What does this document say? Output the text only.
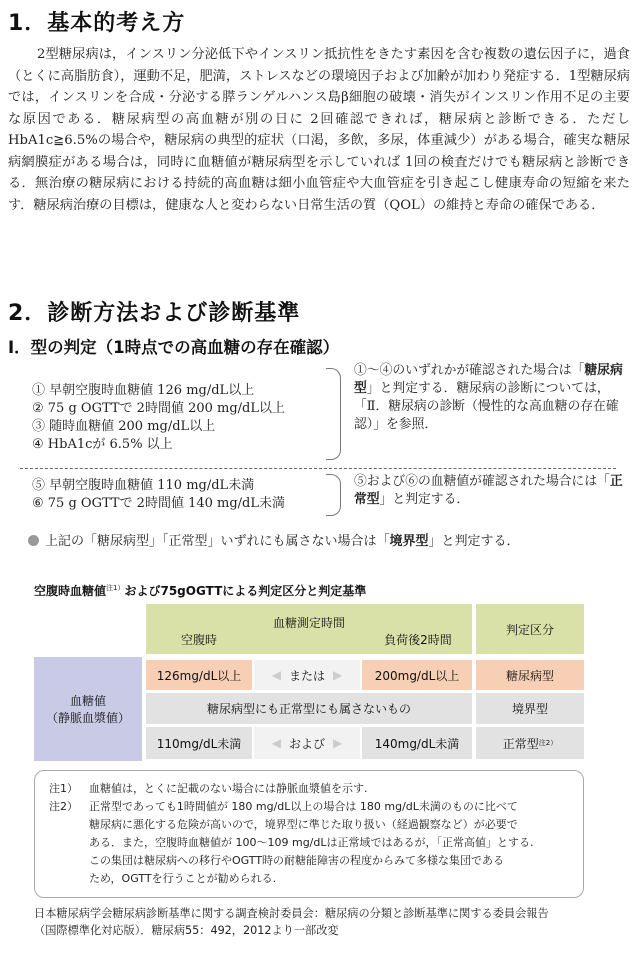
1．基本的考え方
2型糖尿病は，インスリン分泌低下やインスリン抵抗性をきたす素因を含む複数の遺伝因子に，過食（とくに高脂肪食），運動不足，肥満，ストレスなどの環境因子および加齢が加わり発症する．1型糖尿病では，インスリンを合成・分泌する膵ランゲルハンス島β細胞の破壊・消失がインスリン作用不足の主要な原因である．糖尿病型の高血糖が別の日に 2回確認できれば，糖尿病と診断できる．ただしHbA1c≧6.5%の場合や，糖尿病の典型的症状（口渇，多飲，多尿，体重減少）がある場合，確実な糖尿病網膜症がある場合は，同時に血糖値が糖尿病型を示していれば 1回の検査だけでも糖尿病と診断できる．無治療の糖尿病における持続的高血糖は細小血管症や大血管症を引き起こし健康寿命の短縮を来たす．糖尿病治療の目標は，健康な人と変わらない日常生活の質（QOL）の維持と寿命の確保である．
2．診断方法および診断基準
Ⅰ．型の判定（1時点での高血糖の存在確認）
① 早朝空腹時血糖値 126 mg/dL以上
② 75 g OGTTで 2時間値 200 mg/dL以上
③ 随時血糖値 200 mg/dL以上
④ HbA1cが 6.5% 以上
①～④のいずれかが確認された場合は「糖尿病型」と判定する．糖尿病の診断については，「Ⅱ．糖尿病の診断（慢性的な高血糖の存在確認）」を参照．
⑤ 早朝空腹時血糖値 110 mg/dL未満
⑥ 75 g OGTTで 2時間値 140 mg/dL未満
⑤および⑥の血糖値が確認された場合には「正常型」と判定する．
上記の「糖尿病型」「正常型」いずれにも属さない場合は「境界型」と判定する．
空腹時血糖値$^{注1)}$および75gOGTTによる判定区分と判定基準
血糖測定時間
空腹時	負荷後2時間
判定区分
血糖値
（静脈血漿値）
126mg/dL以上	◀ または ▶	200mg/dL以上	糖尿病型
糖尿病型にも正常型にも属さないもの	境界型
110mg/dL未満	◀ および ▶	140mg/dL未満	正常型 注2）
注1） 血糖値は，とくに記載のない場合には静脈血漿値を示す.
注2） 正常型であっても1時間値が 180 mg/dL以上の場合は 180 mg/dL未満のものに比べて
糖尿病に悪化する危険が高いので，境界型に準じた取り扱い（経過観察など）が必要で
ある．また，空腹時血糖値が 100～109 mg/dLは正常域ではあるが，「正常高値」とする.
この集団は糖尿病への移行やOGTT時の耐糖能障害の程度からみて多様な集団である
ため，OGTTを行うことが勧められる.
日本糖尿病学会糖尿病診断基準に関する調査検討委員会：糖尿病の分類と診断基準に関する委員会報告
（国際標準化対応版）．糖尿病55：492，2012より一部改変
